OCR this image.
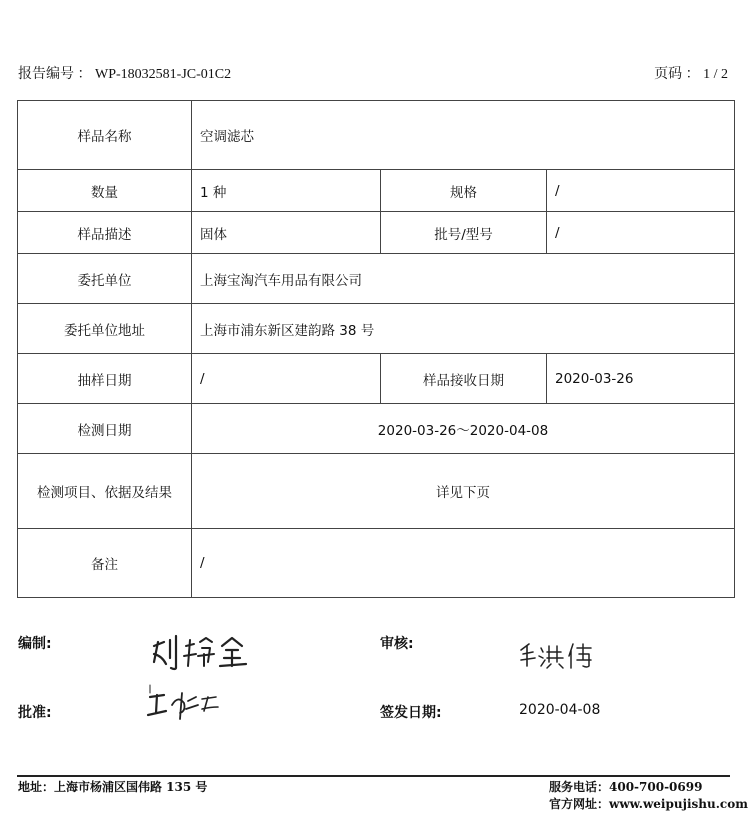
报告编号 ： WP-18032581-JC-01C2	页码 ： 1 / 2
样品名称	空调滤芯		
数量	1 种	规格	/
样品描述	固体	批号/型号	/
委托单位	上海宝淘汽车用品有限公司		
委托单位地址	上海市浦东新区建韵路 38 号		
抽样日期	/	样品接收日期	2020-03-26
检测日期	2020-03-26～2020-04-08		
检测项目、依据及结果	详见下页		
备注	/		
编制:	审核:
批准:	签发日期:	2020-04-08
地址：上海市杨浦区国伟路 135 号	服务电话：400-700-0699
官方网址：www.weipujishu.com
